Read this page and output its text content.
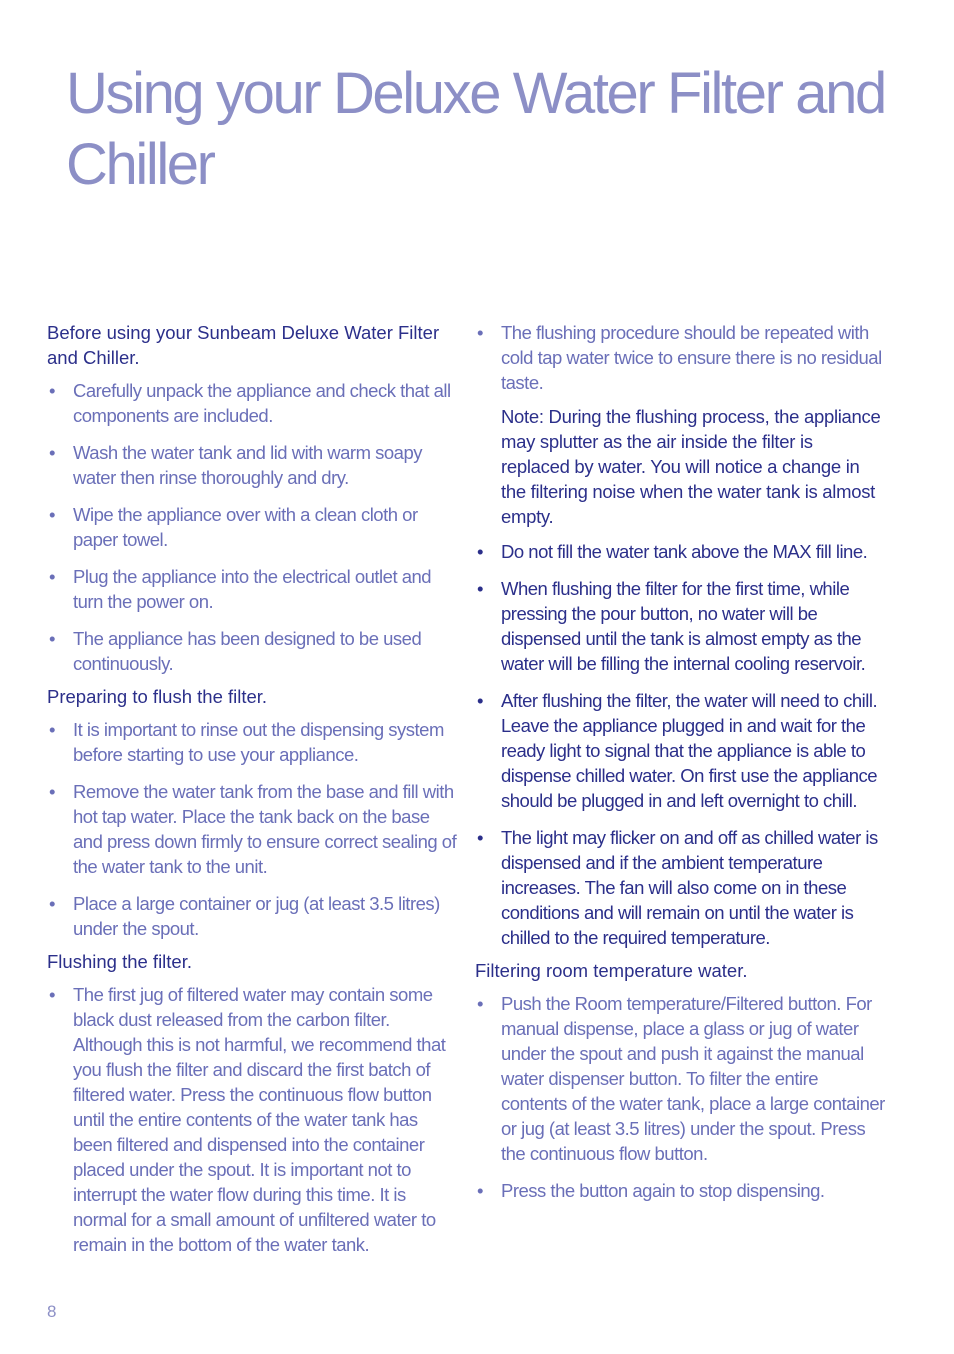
Using your Deluxe Water Filter and Chiller

Before using your Sunbeam Deluxe Water Filter and Chiller.

• Carefully unpack the appliance and check that all components are included.
• Wash the water tank and lid with warm soapy water then rinse thoroughly and dry.
• Wipe the appliance over with a clean cloth or paper towel.
• Plug the appliance into the electrical outlet and turn the power on.
• The appliance has been designed to be used continuously.

Preparing to flush the filter.

• It is important to rinse out the dispensing system before starting to use your appliance.
• Remove the water tank from the base and fill with hot tap water. Place the tank back on the base and press down firmly to ensure correct sealing of the water tank to the unit.
• Place a large container or jug (at least 3.5 litres) under the spout.

Flushing the filter.

• The first jug of filtered water may contain some black dust released from the carbon filter. Although this is not harmful, we recommend that you flush the filter and discard the first batch of filtered water. Press the continuous flow button until the entire contents of the water tank has been filtered and dispensed into the container placed under the spout. It is important not to interrupt the water flow during this time. It is normal for a small amount of unfiltered water to remain in the bottom of the water tank.
• The flushing procedure should be repeated with cold tap water twice to ensure there is no residual taste.

Note: During the flushing process, the appliance may splutter as the air inside the filter is replaced by water. You will notice a change in the filtering noise when the water tank is almost empty.

• Do not fill the water tank above the MAX fill line.
• When flushing the filter for the first time, while pressing the pour button, no water will be dispensed until the tank is almost empty as the water will be filling the internal cooling reservoir.
• After flushing the filter, the water will need to chill. Leave the appliance plugged in and wait for the ready light to signal that the appliance is able to dispense chilled water. On first use the appliance should be plugged in and left overnight to chill.
• The light may flicker on and off as chilled water is dispensed and if the ambient temperature increases. The fan will also come on in these conditions and will remain on until the water is chilled to the required temperature.

Filtering room temperature water.

• Push the Room temperature/Filtered button. For manual dispense, place a glass or jug of water under the spout and push it against the manual water dispenser button. To filter the entire contents of the water tank, place a large container or jug (at least 3.5 litres) under the spout. Press the continuous flow button.
• Press the button again to stop dispensing.
8
